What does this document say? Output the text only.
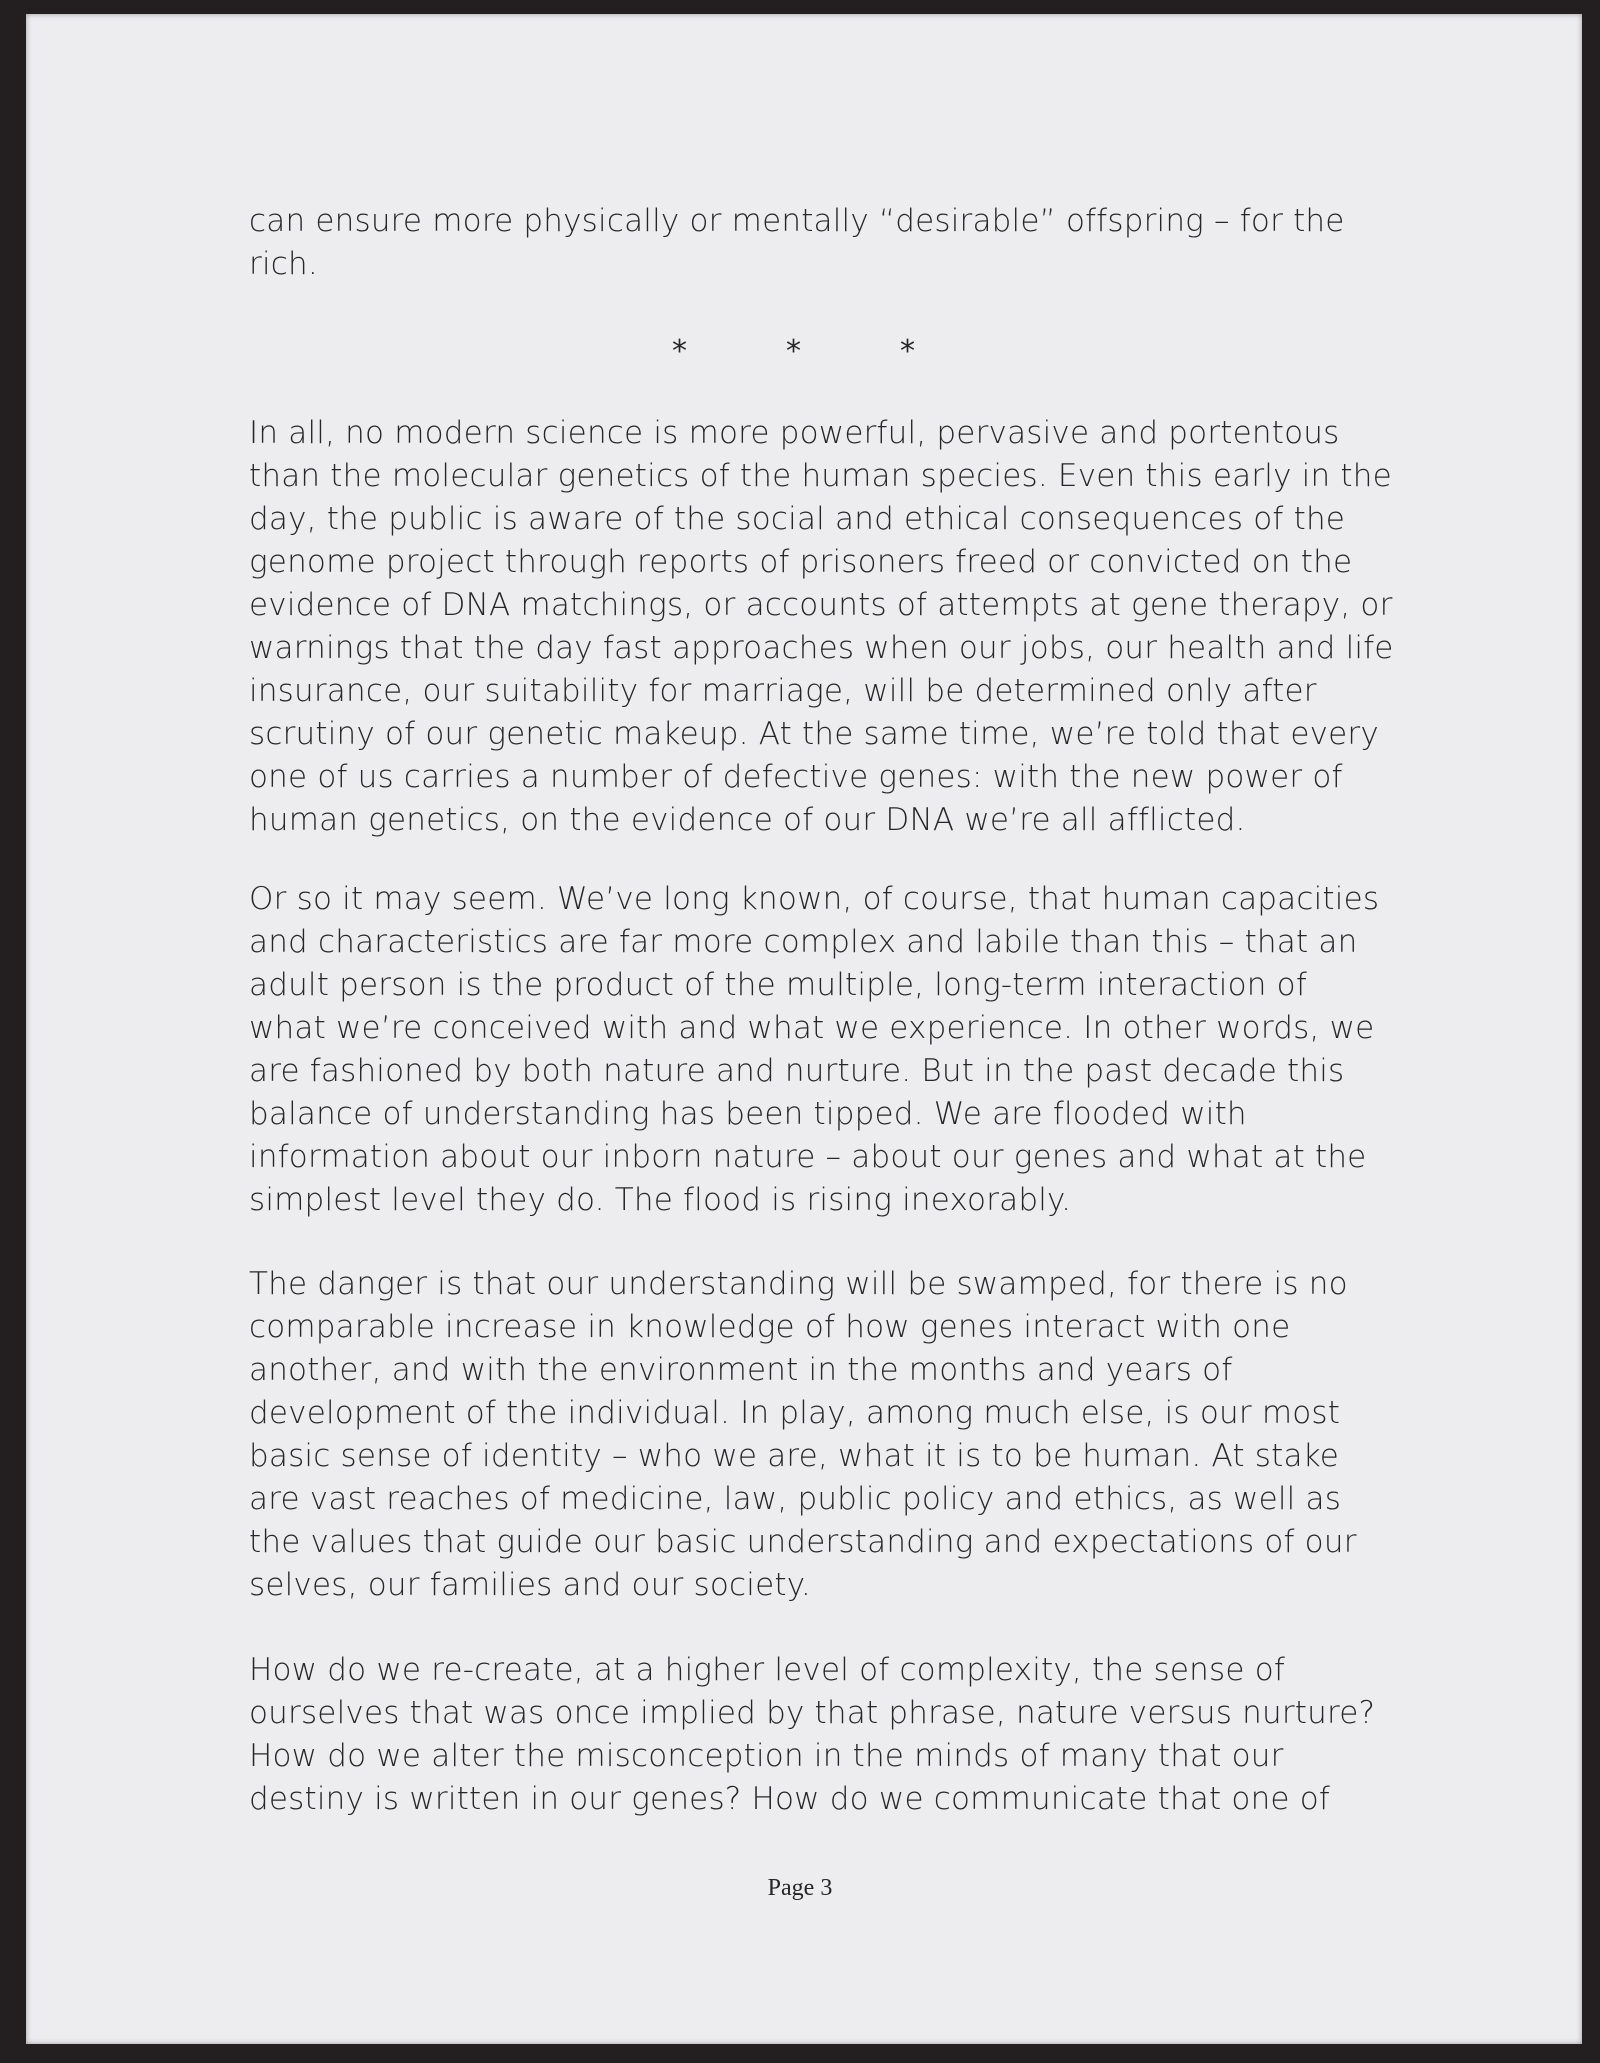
can ensure more physically or mentally “desirable” offspring – for the
rich.
*	*	*
In all, no modern science is more powerful, pervasive and portentous
than the molecular genetics of the human species. Even this early in the
day, the public is aware of the social and ethical consequences of the
genome project through reports of prisoners freed or convicted on the
evidence of DNA matchings, or accounts of attempts at gene therapy, or
warnings that the day fast approaches when our jobs, our health and life
insurance, our suitability for marriage, will be determined only after
scrutiny of our genetic makeup. At the same time, we’re told that every
one of us carries a number of defective genes: with the new power of
human genetics, on the evidence of our DNA we’re all afflicted.
Or so it may seem. We’ve long known, of course, that human capacities
and characteristics are far more complex and labile than this – that an
adult person is the product of the multiple, long-term interaction of
what we’re conceived with and what we experience. In other words, we
are fashioned by both nature and nurture. But in the past decade this
balance of understanding has been tipped. We are flooded with
information about our inborn nature – about our genes and what at the
simplest level they do. The flood is rising inexorably.
The danger is that our understanding will be swamped, for there is no
comparable increase in knowledge of how genes interact with one
another, and with the environment in the months and years of
development of the individual. In play, among much else, is our most
basic sense of identity – who we are, what it is to be human. At stake
are vast reaches of medicine, law, public policy and ethics, as well as
the values that guide our basic understanding and expectations of our
selves, our families and our society.
How do we re-create, at a higher level of complexity, the sense of
ourselves that was once implied by that phrase, nature versus nurture?
How do we alter the misconception in the minds of many that our
destiny is written in our genes? How do we communicate that one of
Page 3
